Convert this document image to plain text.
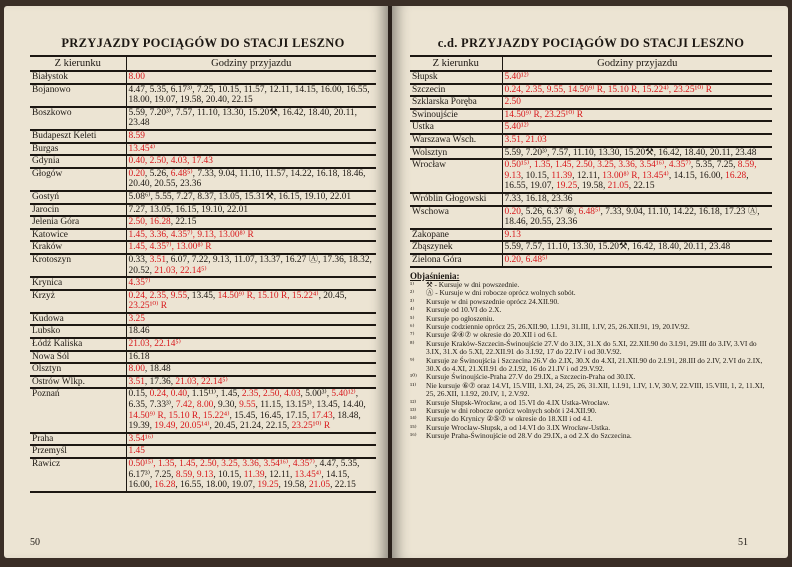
PRZYJAZDY POCIĄGÓW DO STACJI LESZNO
Z kierunku	Godziny przyjazdu
Białystok	8.00
Bojanowo	4.47, 5.35, 6.17³⁾, 7.25, 10.15, 11.57, 12.11, 14.15, 16.00, 16.55, 18.00, 19.07, 19.58, 20.40, 22.15
Boszkowo	5.59, 7.20³⁾, 7.57, 11.10, 13.30, 15.20⚒, 16.42, 18.40, 20.11, 23.48
Budapeszt Keleti	8.59
Burgas	13.45⁴⁾
Gdynia	0.40, 2.50, 4.03, 17.43
Głogów	0.20, 5.26, 6.48⁵⁾, 7.33, 9.04, 11.10, 11.57, 14.22, 16.18, 18.46, 20.40, 20.55, 23.36
Gostyń	5.08⁶⁾, 5.55, 7.27, 8.37, 13.05, 15.31⚒, 16.15, 19.10, 22.01
Jarocin	7.27, 13.05, 16.15, 19.10, 22.01
Jelenia Góra	2.50, 16.28, 22.15
Katowice	1.45, 3.36, 4.35⁷⁾, 9.13, 13.00⁸⁾ R
Kraków	1.45, 4.35⁷⁾, 13.00⁸⁾ R
Krotoszyn	0.33, 3.51, 6.07, 7.22, 9.13, 11.07, 13.37, 16.27 Ⓐ, 17.36, 18.32, 20.52, 21.03, 22.14⁵⁾
Krynica	4.35⁷⁾
Krzyż	0.24, 2.35, 9.55, 13.45, 14.50⁹⁾ R, 15.10 R, 15.22⁴⁾, 20.45, 23.25¹⁰⁾ R
Kudowa	3.25
Lubsko	18.46
Łódź Kaliska	21.03, 22.14⁵⁾
Nowa Sól	16.18
Olsztyn	8.00, 18.48
Ostrów Wlkp.	3.51, 17.36, 21.03, 22.14⁵⁾
Poznań	0.15, 0.24, 0.40, 1.15¹¹⁾, 1.45, 2.35, 2.50, 4.03, 5.00³⁾, 5.40¹²⁾, 6.35, 7.33³⁾, 7.42, 8.00, 9.30, 9.55, 11.15, 13.15³⁾, 13.45, 14.40, 14.50⁹⁾ R, 15.10 R, 15.22⁴⁾, 15.45, 16.45, 17.15, 17.43, 18.48, 19.39, 19.49, 20.05¹⁴⁾, 20.45, 21.24, 22.15, 23.25¹⁰⁾ R
Praha	3.54¹⁶⁾
Przemyśl	1.45
Rawicz	0.50¹⁵⁾, 1.35, 1.45, 2.50, 3.25, 3.36, 3.54¹⁶⁾, 4.35⁷⁾, 4.47, 5.35, 6.17³⁾, 7.25, 8.59, 9.13, 10.15, 11.39, 12.11, 13.45⁴⁾, 14.15, 16.00, 16.28, 16.55, 18.00, 19.07, 19.25, 19.58, 21.05, 22.15
50
c.d. PRZYJAZDY POCIĄGÓW DO STACJI LESZNO
Z kierunku	Godziny przyjazdu
Słupsk	5.40¹²⁾
Szczecin	0.24, 2.35, 9.55, 14.50⁹⁾ R, 15.10 R, 15.22⁴⁾, 23.25¹⁰⁾ R
Szklarska Poręba	2.50
Świnoujście	14.50⁹⁾ R, 23.25¹⁰⁾ R
Ustka	5.40¹²⁾
Warszawa Wsch.	3.51, 21.03
Wolsztyn	5.59, 7.20³⁾, 7.57, 11.10, 13.30, 15.20⚒, 16.42, 18.40, 20.11, 23.48
Wrocław	0.50¹⁵⁾, 1.35, 1.45, 2.50, 3.25, 3.36, 3.54¹⁶⁾, 4.35⁷⁾, 5.35, 7.25, 8.59, 9.13, 10.15, 11.39, 12.11, 13.00⁸⁾ R, 13.45⁴⁾, 14.15, 16.00, 16.28, 16.55, 19.07, 19.25, 19.58, 21.05, 22.15
Wróblin Głogowski	7.33, 16.18, 23.36
Wschowa	0.20, 5.26, 6.37 ⑥, 6.48⁵⁾, 7.33, 9.04, 11.10, 14.22, 16.18, 17.23 Ⓐ, 18.46, 20.55, 23.36
Zakopane	9.13
Zbąszynek	5.59, 7.57, 11.10, 13.30, 15.20⚒, 16.42, 18.40, 20.11, 23.48
Zielona Góra	0.20, 6.48⁵⁾
Objaśnienia:
¹⁾	⚒ - Kursuje w dni powszednie.
²⁾	Ⓐ - Kursuje w dni robocze oprócz wolnych sobót.
³⁾	Kursuje w dni powszednie oprócz 24.XII.90.
⁴⁾	Kursuje od 10.VI do 2.X.
⁵⁾	Kursuje po ogłoszeniu.
⁶⁾	Kursuje codziennie oprócz 25, 26.XII.90, 1.I.91, 31.III, 1.IV, 25, 26.XII.91, 19, 20.IV.92.
⁷⁾	Kursuje ②④⑦ w okresie do 20.XII i od 6.I.
⁸⁾	Kursuje Kraków-Szczecin-Świnoujście 27.V do 3.IX, 31.X do 5.XI, 22.XII.90 do 3.I.91, 29.III do 3.IV, 3.VI do 3.IX, 31.X do 5.XI, 22.XII.91 do 3.I.92, 17 do 22.IV i od 30.V.92.
⁹⁾	Kursuje ze Świnoujścia i Szczecina 26.V do 2.IX, 30.X do 4.XI, 21.XII.90 do 2.I.91, 28.III do 2.IV, 2.VI do 2.IX, 30.X do 4.XI, 21.XII.91 do 2.I.92, 16 do 21.IV i od 29.V.92.
¹⁰⁾	Kursuje Świnoujście-Praha 27.V do 29.IX, a Szczecin-Praha od 30.IX.
¹¹⁾	Nie kursuje ⑥⑦ oraz 14.VI, 15.VIII, 1.XI, 24, 25, 26, 31.XII, 1.I.91, 1.IV, 1.V, 30.V, 22.VIII, 15.VIII, 1, 2, 11.XI, 25, 26.XII, 1.I.92, 20.IV, 1, 2.V.92.
¹²⁾	Kursuje Słupsk-Wrocław, a od 15.VI do 4.IX Ustka-Wrocław.
¹³⁾	Kursuje w dni robocze oprócz wolnych sobót i 24.XII.90.
¹⁴⁾	Kursuje do Krynicy ②⑤⑦ w okresie do 18.XII i od 4.I.
¹⁵⁾	Kursuje Wrocław-Słupsk, a od 14.VI do 3.IX Wrocław-Ustka.
¹⁶⁾	Kursuje Praha-Świnoujście od 28.V do 29.IX, a od 2.X do Szczecina.
51
